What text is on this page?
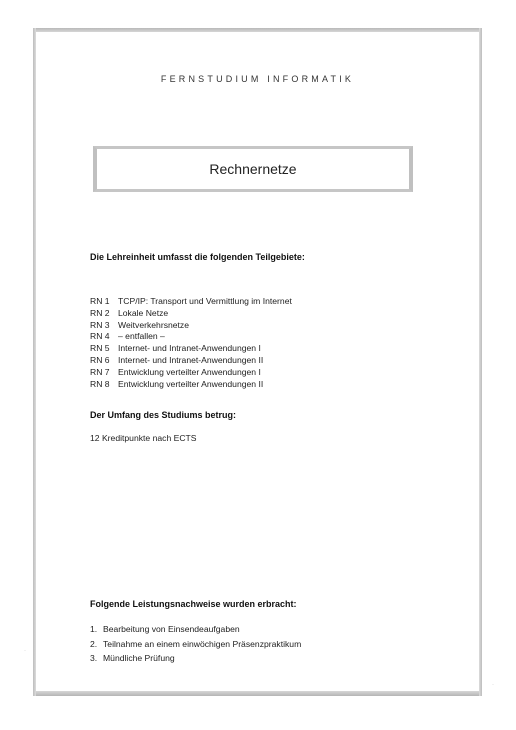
FERNSTUDIUM INFORMATIK
Rechnernetze
Die Lehreinheit umfasst die folgenden Teilgebiete:
RN 1 TCP/IP: Transport und Vermittlung im Internet
RN 2 Lokale Netze
RN 3 Weitverkehrsnetze
RN 4 – entfallen –
RN 5 Internet- und Intranet-Anwendungen I
RN 6 Internet- und Intranet-Anwendungen II
RN 7 Entwicklung verteilter Anwendungen I
RN 8 Entwicklung verteilter Anwendungen II
Der Umfang des Studiums betrug:
12 Kreditpunkte nach ECTS
Folgende Leistungsnachweise wurden erbracht:
1. Bearbeitung von Einsendeaufgaben
2. Teilnahme an einem einwöchigen Präsenzpraktikum
3. Mündliche Prüfung
·
·
